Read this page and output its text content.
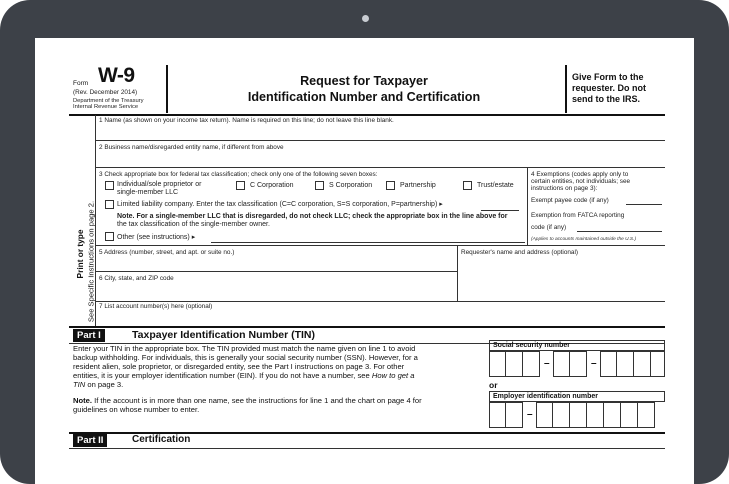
Form W-9
(Rev. December 2014)
Department of the Treasury
Internal Revenue Service
Request for Taxpayer
Identification Number and Certification
Give Form to the
requester. Do not
send to the IRS.
Print or type See Specific Instructions on page 2.
1 Name (as shown on your income tax return). Name is required on this line; do not leave this line blank.
2 Business name/disregarded entity name, if different from above
3 Check appropriate box for federal tax classification; check only one of the following seven boxes:
Individual/sole proprietor or
single-member LLC
C Corporation	S Corporation	Partnership	Trust/estate
Limited liability company. Enter the tax classification (C=C corporation, S=S corporation, P=partnership) ▸
Note. For a single-member LLC that is disregarded, do not check LLC; check the appropriate box in the line above for
the tax classification of the single-member owner.
Other (see instructions) ▸
4 Exemptions (codes apply only to
certain entities, not individuals; see
instructions on page 3):
Exempt payee code (if any)
Exemption from FATCA reporting
code (if any)
(Applies to accounts maintained outside the U.S.)
5 Address (number, street, and apt. or suite no.)	Requester's name and address (optional)
6 City, state, and ZIP code
7 List account number(s) here (optional)
Part I	Taxpayer Identification Number (TIN)
Enter your TIN in the appropriate box. The TIN provided must match the name given on line 1 to avoid
backup withholding. For individuals, this is generally your social security number (SSN). However, for a
resident alien, sole proprietor, or disregarded entity, see the Part I instructions on page 3. For other
entities, it is your employer identification number (EIN). If you do not have a number, see How to get a
TIN on page 3.
Note. If the account is in more than one name, see the instructions for line 1 and the chart on page 4 for
guidelines on whose number to enter.
Social security number
–	–
or
Employer identification number
–
Part II	Certification
